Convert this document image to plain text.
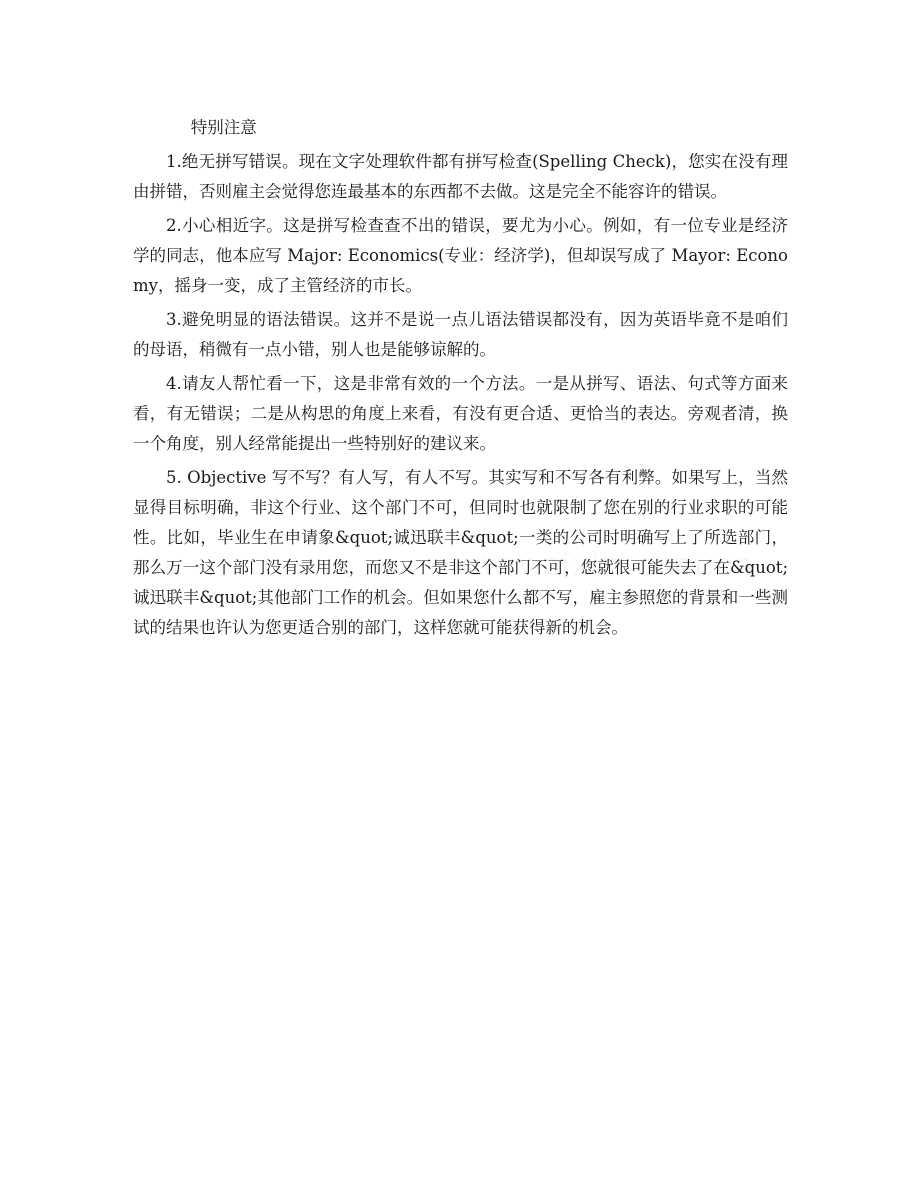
特别注意

1.绝无拼写错误。现在文字处理软件都有拼写检查(Spelling Check)，您实在没有理由拼错，否则雇主会觉得您连最基本的东西都不去做。这是完全不能容许的错误。

2.小心相近字。这是拼写检查查不出的错误，要尤为小心。例如，有一位专业是经济学的同志，他本应写 Major: Economics(专业：经济学)，但却误写成了 Mayor: Economy，摇身一变，成了主管经济的市长。

3.避免明显的语法错误。这并不是说一点儿语法错误都没有，因为英语毕竟不是咱们的母语，稍微有一点小错，别人也是能够谅解的。

4.请友人帮忙看一下，这是非常有效的一个方法。一是从拼写、语法、句式等方面来看，有无错误；二是从构思的角度上来看，有没有更合适、更恰当的表达。旁观者清，换一个角度，别人经常能提出一些特别好的建议来。

5. Objective 写不写？有人写，有人不写。其实写和不写各有利弊。如果写上，当然显得目标明确，非这个行业、这个部门不可，但同时也就限制了您在别的行业求职的可能性。比如，毕业生在申请象&quot;诚迅联丰&quot;一类的公司时明确写上了所选部门，那么万一这个部门没有录用您，而您又不是非这个部门不可，您就很可能失去了在&quot;诚迅联丰&quot;其他部门工作的机会。但如果您什么都不写，雇主参照您的背景和一些测试的结果也许认为您更适合别的部门，这样您就可能获得新的机会。
